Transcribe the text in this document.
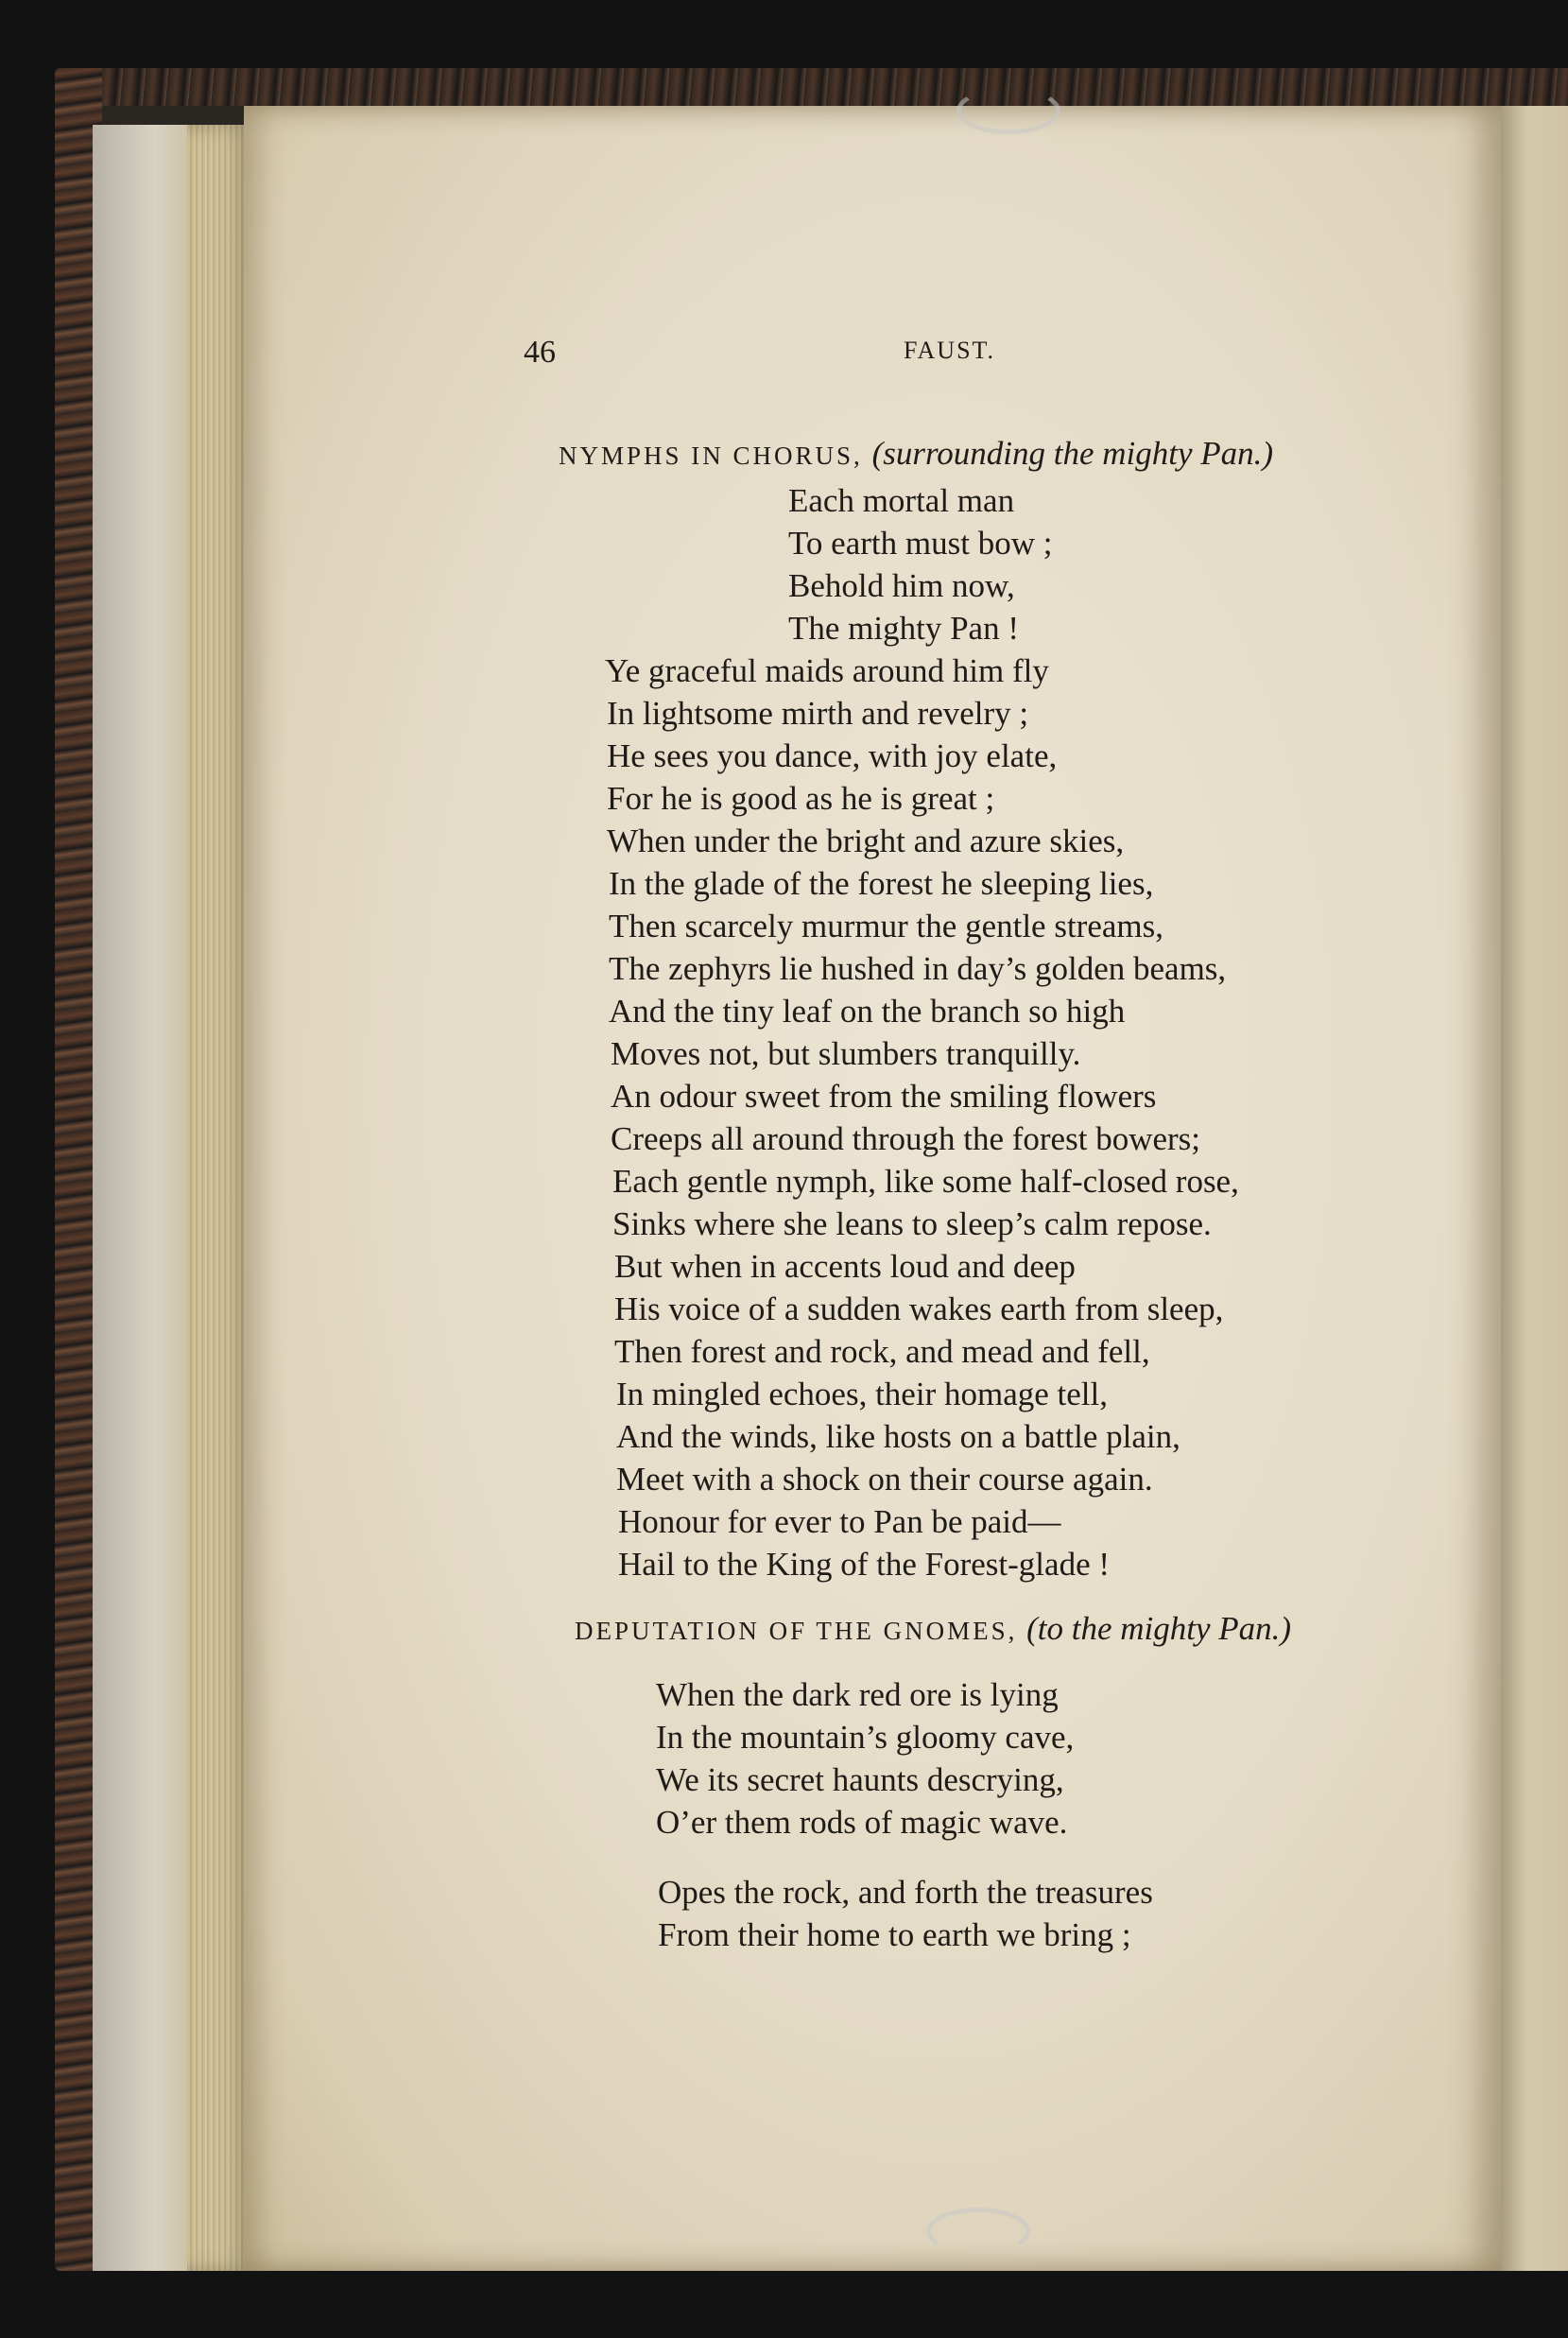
46	FAUST.
NYMPHS IN CHORUS, (surrounding the mighty Pan.)
Each mortal man
To earth must bow ;
Behold him now,
The mighty Pan !
Ye graceful maids around him fly
In lightsome mirth and revelry ;
He sees you dance, with joy elate,
For he is good as he is great ;
When under the bright and azure skies,
In the glade of the forest he sleeping lies,
Then scarcely murmur the gentle streams,
The zephyrs lie hushed in day’s golden beams,
And the tiny leaf on the branch so high
Moves not, but slumbers tranquilly.
An odour sweet from the smiling flowers
Creeps all around through the forest bowers;
Each gentle nymph, like some half-closed rose,
Sinks where she leans to sleep’s calm repose.
But when in accents loud and deep
His voice of a sudden wakes earth from sleep,
Then forest and rock, and mead and fell,
In mingled echoes, their homage tell,
And the winds, like hosts on a battle plain,
Meet with a shock on their course again.
Honour for ever to Pan be paid—
Hail to the King of the Forest-glade !
DEPUTATION OF THE GNOMES, (to the mighty Pan.)
When the dark red ore is lying
In the mountain’s gloomy cave,
We its secret haunts descrying,
O’er them rods of magic wave.
Opes the rock, and forth the treasures
From their home to earth we bring ;
